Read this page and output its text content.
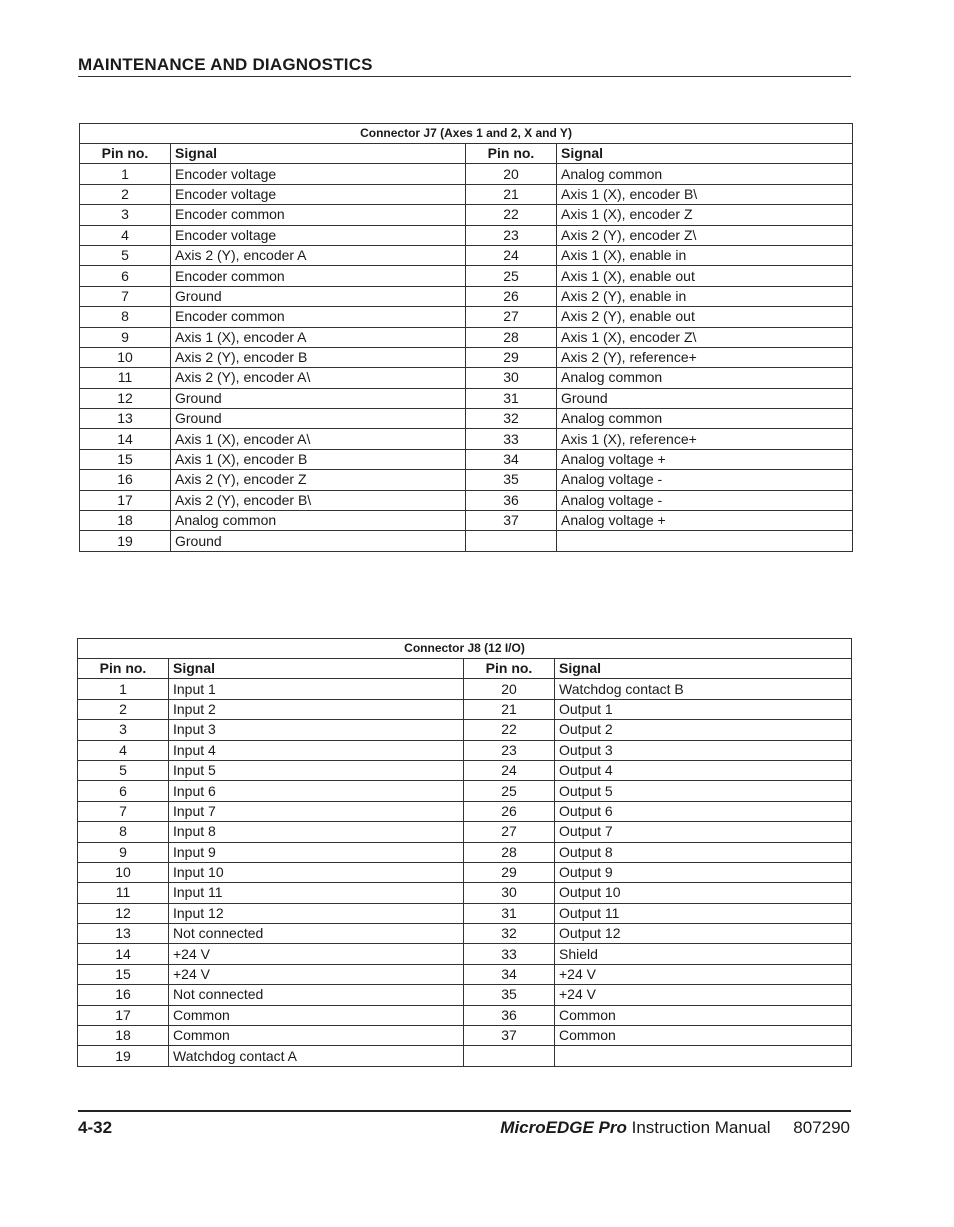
MAINTENANCE AND DIAGNOSTICS
Connector J7 (Axes 1 and 2, X and Y)			
Pin no.	Signal	Pin no.	Signal
1	Encoder voltage	20	Analog common
2	Encoder voltage	21	Axis 1 (X), encoder B\
3	Encoder common	22	Axis 1 (X), encoder Z
4	Encoder voltage	23	Axis 2 (Y), encoder Z\
5	Axis 2 (Y), encoder A	24	Axis 1 (X), enable in
6	Encoder common	25	Axis 1 (X), enable out
7	Ground	26	Axis 2 (Y), enable in
8	Encoder common	27	Axis 2 (Y), enable out
9	Axis 1 (X), encoder A	28	Axis 1 (X), encoder Z\
10	Axis 2 (Y), encoder B	29	Axis 2 (Y), reference+
11	Axis 2 (Y), encoder A\	30	Analog common
12	Ground	31	Ground
13	Ground	32	Analog common
14	Axis 1 (X), encoder A\	33	Axis 1 (X), reference+
15	Axis 1 (X), encoder B	34	Analog voltage +
16	Axis 2 (Y), encoder Z	35	Analog voltage -
17	Axis 2 (Y), encoder B\	36	Analog voltage -
18	Analog common	37	Analog voltage +
19	Ground		
Connector J8 (12 I/O)			
Pin no.	Signal	Pin no.	Signal
1	Input 1	20	Watchdog contact B
2	Input 2	21	Output 1
3	Input 3	22	Output 2
4	Input 4	23	Output 3
5	Input 5	24	Output 4
6	Input 6	25	Output 5
7	Input 7	26	Output 6
8	Input 8	27	Output 7
9	Input 9	28	Output 8
10	Input 10	29	Output 9
11	Input 11	30	Output 10
12	Input 12	31	Output 11
13	Not connected	32	Output 12
14	+24 V	33	Shield
15	+24 V	34	+24 V
16	Not connected	35	+24 V
17	Common	36	Common
18	Common	37	Common
19	Watchdog contact A		
4-32	MicroEDGE Pro Instruction Manual 807290
